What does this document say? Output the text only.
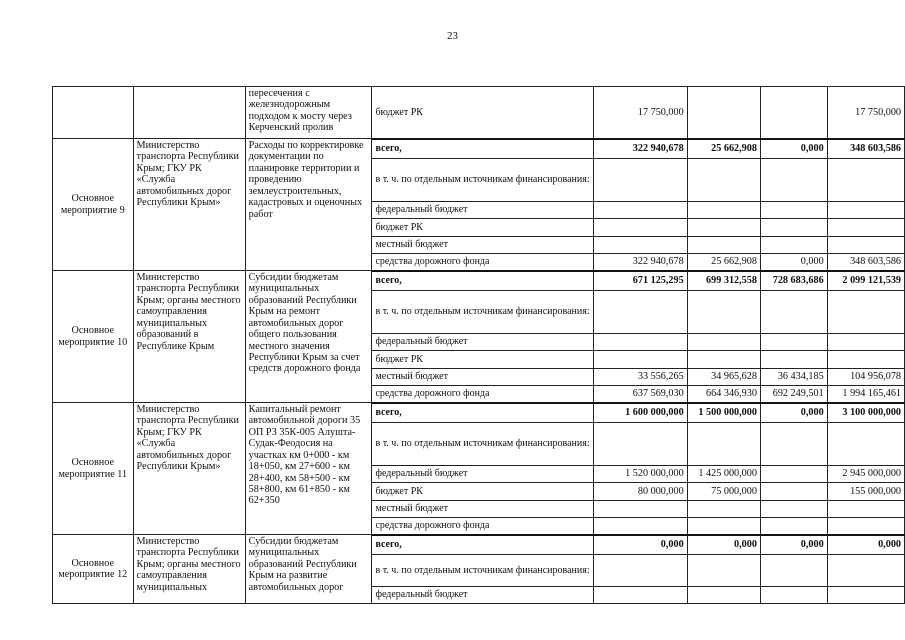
23
		пересечения с железнодорожным подходом к мосту через Керченский пролив	бюджет РК	17 750,000			17 750,000
Основное мероприятие 9	Министерство транспорта Республики Крым; ГКУ РК «Служба автомобильных дорог Республики Крым»	Расходы по корректировке документации по планировке территории и проведению землеустроительных, кадастровых и оценочных работ	всего,	322 940,678	25 662,908	0,000	348 603,586
			в т. ч. по отдельным источникам финансирования:				
			федеральный бюджет				
			бюджет РК				
			местный бюджет				
			средства дорожного фонда	322 940,678	25 662,908	0,000	348 603,586
Основное мероприятие 10	Министерство транспорта Республики Крым; органы местного самоуправления муниципальных образований в Республике Крым	Субсидии бюджетам муниципальных образований Республики Крым на ремонт автомобильных дорог общего пользования местного значения Республики Крым за счет средств дорожного фонда	всего,	671 125,295	699 312,558	728 683,686	2 099 121,539
			в т. ч. по отдельным источникам финансирования:				
			федеральный бюджет				
			бюджет РК				
			местный бюджет	33 556,265	34 965,628	36 434,185	104 956,078
			средства дорожного фонда	637 569,030	664 346,930	692 249,501	1 994 165,461
Основное мероприятие 11	Министерство транспорта Республики Крым; ГКУ РК «Служба автомобильных дорог Республики Крым»	Капитальный ремонт автомобильной дороги 35 ОП РЗ 35К-005 Алушта-Судак-Феодосия на участках км 0+000 - км 18+050, км 27+600 - км 28+400, км 58+500 - км 58+800, км 61+850 - км 62+350	всего,	1 600 000,000	1 500 000,000	0,000	3 100 000,000
			в т. ч. по отдельным источникам финансирования:				
			федеральный бюджет	1 520 000,000	1 425 000,000		2 945 000,000
			бюджет РК	80 000,000	75 000,000		155 000,000
			местный бюджет				
			средства дорожного фонда				
Основное мероприятие 12	Министерство транспорта Республики Крым; органы местного самоуправления муниципальных	Субсидии бюджетам муниципальных образований Республики Крым на развитие автомобильных дорог	всего,	0,000	0,000	0,000	0,000
			в т. ч. по отдельным источникам финансирования:				
			федеральный бюджет				
